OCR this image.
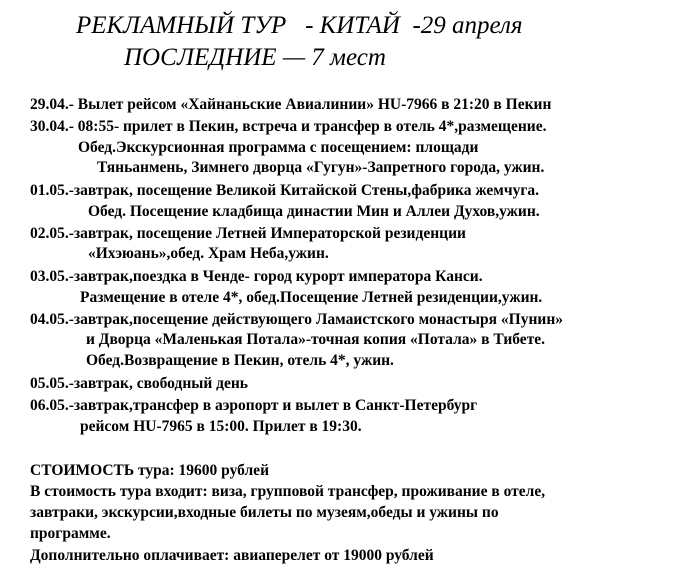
РЕКЛАМНЫЙ ТУР   - КИТАЙ  -29 апреля
ПОСЛЕДНИЕ — 7 мест
29.04.- Вылет рейсом «Хайнаньские Авиалинии» HU-7966 в 21:20 в Пекин
30.04.- 08:55- прилет в Пекин, встреча и трансфер в отель 4*,размещение.
Обед.Экскурсионная программа с посещением: площади
Тяньанмень, Зимнего дворца «Гугун»-Запретного города, ужин.
01.05.-завтрак, посещение Великой Китайской Стены,фабрика жемчуга.
Обед. Посещение кладбища династии Мин и Аллеи Духов,ужин.
02.05.-завтрак, посещение Летней Императорской резиденции
«Ихэюань»,обед. Храм Неба,ужин.
03.05.-завтрак,поездка в Ченде- город курорт императора Канси.
Размещение в отеле 4*, обед.Посещение Летней резиденции,ужин.
04.05.-завтрак,посещение действующего Ламаистского монастыря «Пунин»
и Дворца «Маленькая Потала»-точная копия «Потала» в Тибете.
Обед.Возвращение в Пекин, отель 4*, ужин.
05.05.-завтрак, свободный день
06.05.-завтрак,трансфер в аэропорт и вылет в Санкт-Петербург
рейсом HU-7965 в 15:00. Прилет в 19:30.
СТОИМОСТЬ тура: 19600 рублей
В стоимость тура входит: виза, групповой трансфер, проживание в отеле,
завтраки, экскурсии,входные билеты по музеям,обеды и ужины по
программе.
Дополнительно оплачивает: авиаперелет от 19000 рублей
